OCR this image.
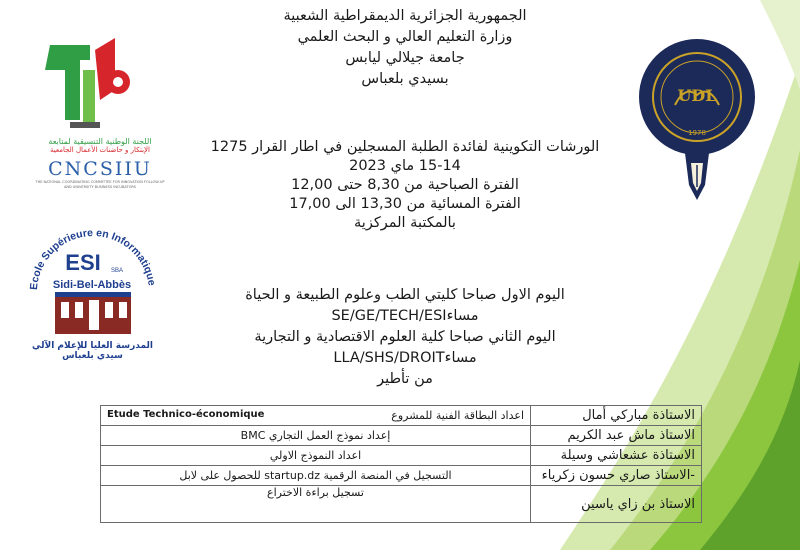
اللجنة الوطنية التنسيقية لمتابعة
الإبتكار و حاضنات الأعمال الجامعية
CNCSIIU
THE NATIONAL COORDINATING COMMITTEE FOR INNOVATION FOLLOW-UP AND UNIVERSITY BUSINESS INCUBATORS
Ecole Supérieure en Informatique
ESI SBA
Sidi-Bel-Abbès
المدرسة العليا للإعلام الآلي
سيدي بلعباس
UDL
1978
الجمهورية الجزائرية الديمقراطية الشعبية
وزارة التعليم العالي و البحث العلمي
جامعة جيلالي ليابس
بسيدي بلعباس
الورشات التكوينية لفائدة الطلبة المسجلين في اطار القرار 1275
15-14 ماي 2023
الفترة الصباحية من 8,30 حتى 12,00
الفترة المسائية من 13,30 الى 17,00
بالمكتبة المركزية
اليوم الاول صباحا كليتي الطب وعلوم الطبيعة و الحياة
مساءSE/GE/TECH/ESI
اليوم الثاني صباحا كلية العلوم الاقتصادية و التجارية
مساءLLA/SHS/DROIT
من تأطير
الاستاذة مباركي أمال	اعداد البطاقة الفنية للمشروع
Etude Technico-économique

الاستاذ ماش عبد الكريم	إعداد نموذج العمل التجاري BMC
الاستاذة عشعاشي وسيلة	اعداد النموذج الاولي
-الاستاذ صاري حسون زكرياء	التسجيل في المنصة الرقمية startup.dz للحصول على لابل
الاستاذ بن زاي ياسين	تسجيل براءة الاختراع
